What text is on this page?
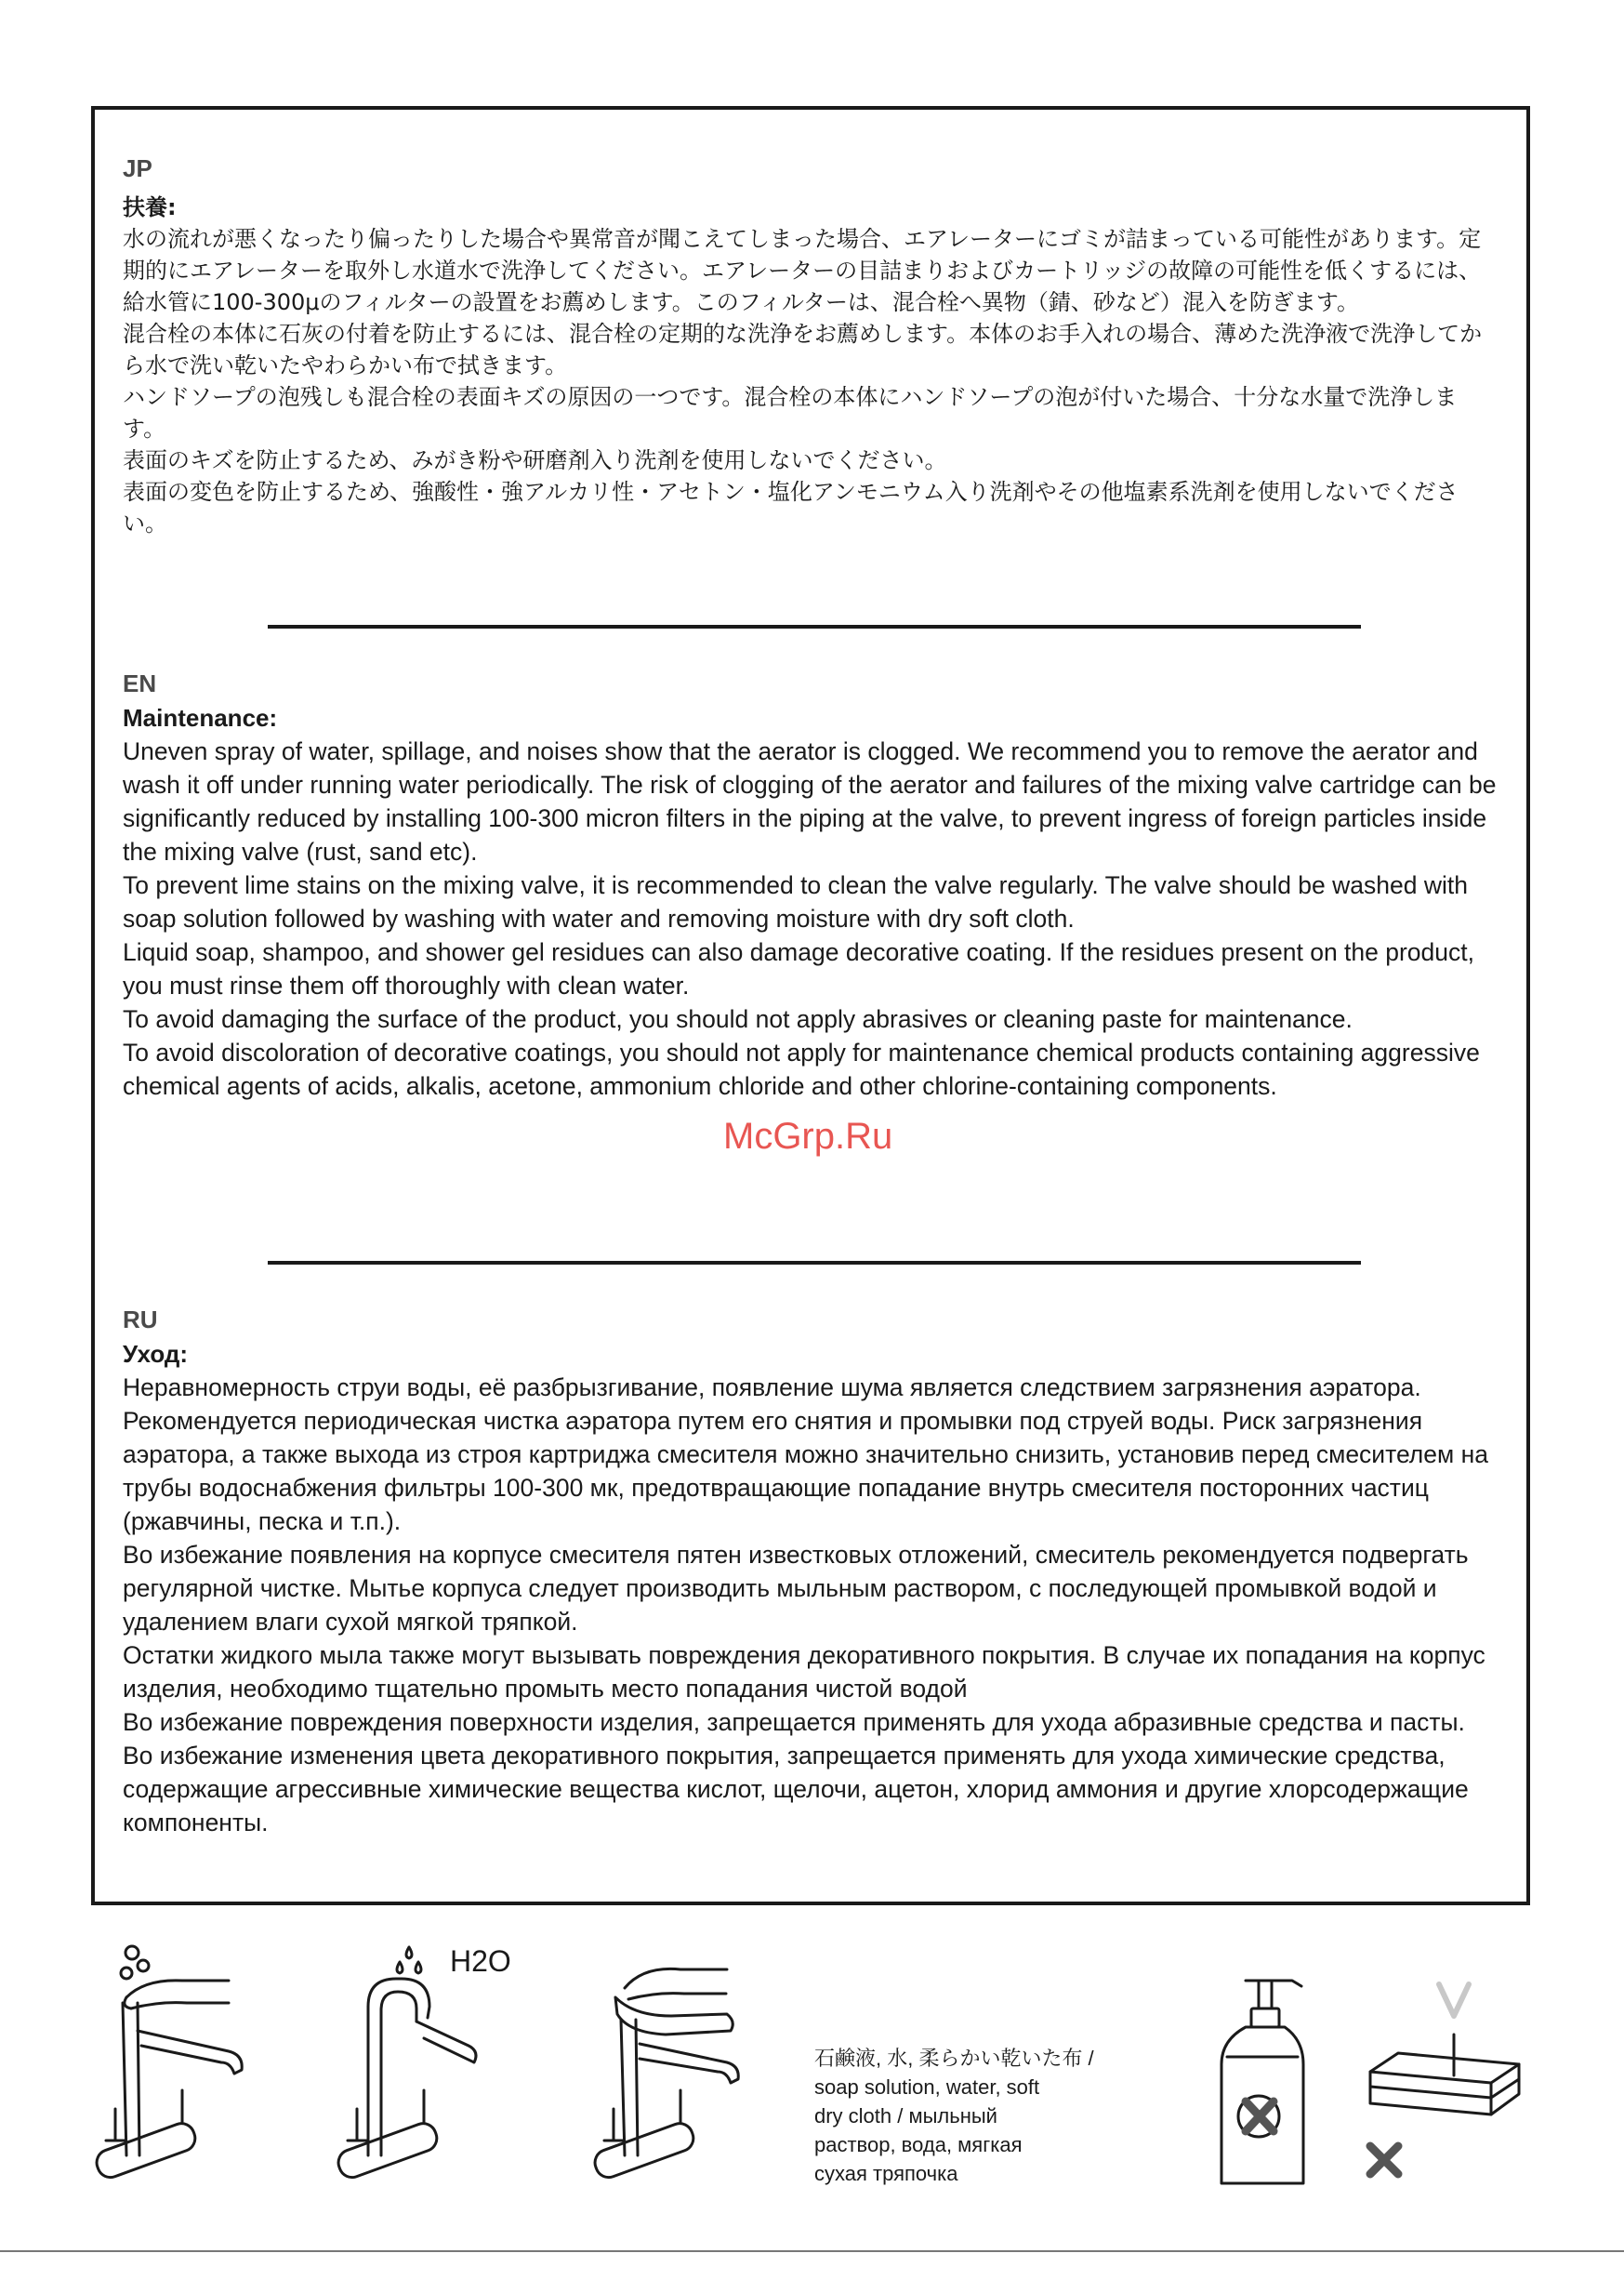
JP
扶養:

水の流れが悪くなったり偏ったりした場合や異常音が聞こえてしまった場合、エアレーターにゴミが詰まっている可能性があります。定期的にエアレーターを取外し水道水で洗浄してください。エアレーターの目詰まりおよびカートリッジの故障の可能性を低くするには、給水管に100-300μのフィルターの設置をお薦めします。このフィルターは、混合栓へ異物（錆、砂など）混入を防ぎます。

混合栓の本体に石灰の付着を防止するには、混合栓の定期的な洗浄をお薦めします。本体のお手入れの場合、薄めた洗浄液で洗浄してから水で洗い乾いたやわらかい布で拭きます。

ハンドソープの泡残しも混合栓の表面キズの原因の一つです。混合栓の本体にハンドソープの泡が付いた場合、十分な水量で洗浄します。

表面のキズを防止するため、みがき粉や研磨剤入り洗剤を使用しないでください。

表面の変色を防止するため、強酸性・強アルカリ性・アセトン・塩化アンモニウム入り洗剤やその他塩素系洗剤を使用しないでください。

EN
Maintenance:

Uneven spray of water, spillage, and noises show that the aerator is clogged. We recommend you to remove the aerator and wash it off under running water periodically. The risk of clogging of the aerator and failures of the mixing valve cartridge can be significantly reduced by installing 100-300 micron filters in the piping at the valve, to prevent ingress of foreign particles inside the mixing valve (rust, sand etc).

To prevent lime stains on the mixing valve, it is recommended to clean the valve regularly. The valve should be washed with soap solution followed by washing with water and removing moisture with dry soft cloth.

Liquid soap, shampoo, and shower gel residues can also damage decorative coating. If the residues present on the product, you must rinse them off thoroughly with clean water.

To avoid damaging the surface of the product, you should not apply abrasives or cleaning paste for maintenance.

To avoid discoloration of decorative coatings, you should not apply for maintenance chemical products containing aggressive chemical agents of acids, alkalis, acetone, ammonium chloride and other chlorine-containing components.

McGrp.Ru
RU
Уход:

Неравномерность струи воды, её разбрызгивание, появление шума является следствием загрязнения аэратора. Рекомендуется периодическая чистка аэратора путем его снятия и промывки под струей воды. Риск загрязнения аэратора, а также выхода из строя картриджа смесителя можно значительно снизить, установив перед смесителем на трубы водоснабжения фильтры 100-300 мк, предотвращающие попадание внутрь смесителя посторонних частиц (ржавчины, песка и т.п.).

Во избежание появления на корпусе смесителя пятен известковых отложений, смеситель рекомендуется подвергать регулярной чистке. Мытье корпуса следует производить мыльным раствором, с последующей промывкой водой и удалением влаги сухой мягкой тряпкой.

Остатки жидкого мыла также могут вызывать повреждения декоративного покрытия. В случае их попадания на корпус изделия, необходимо тщательно промыть место попадания чистой водой

Во избежание повреждения поверхности изделия, запрещается применять для ухода абразивные средства и пасты.

Во избежание изменения цвета декоративного покрытия, запрещается применять для ухода химические средства, содержащие агрессивные химические вещества кислот, щелочи, ацетон, хлорид аммония и другие хлорсодержащие компоненты.

H2O
石鹸液, 水, 柔らかい乾いた布 /
soap solution, water, soft
dry cloth / мыльный
раствор, вода, мягкая
сухая тряпочка
